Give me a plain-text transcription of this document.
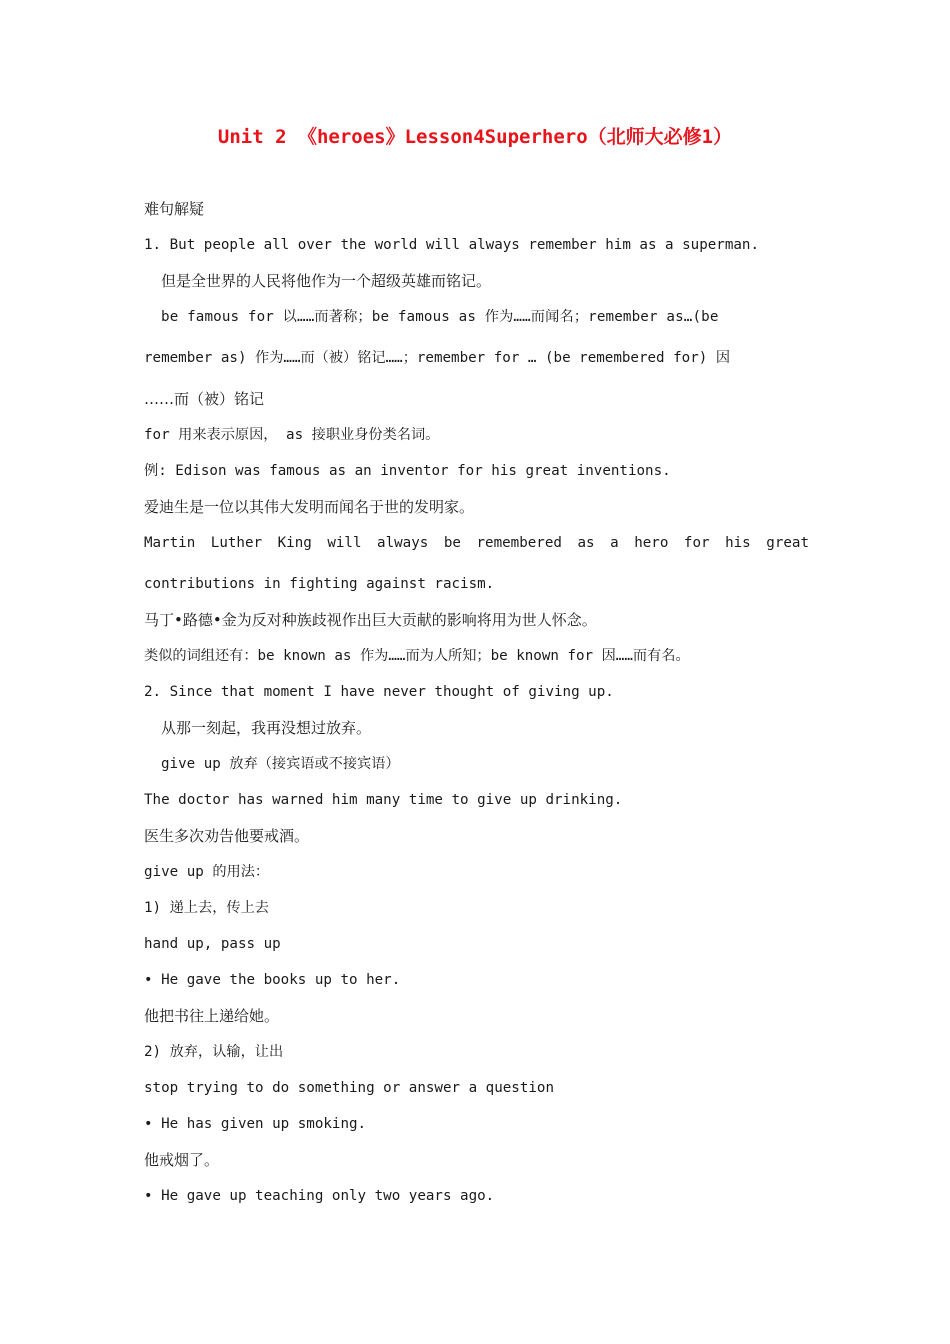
Unit 2 《heroes》Lesson4Superhero（北师大必修1）
难句解疑
1. But people all over the world will always remember him as a superman.
但是全世界的人民将他作为一个超级英雄而铭记。
be famous for 以……而著称；be famous as 作为……而闻名；remember as…(be
remember as) 作为……而（被）铭记……；remember for … (be remembered for) 因
……而（被）铭记
for 用来表示原因， as 接职业身份类名词。
例: Edison was famous as an inventor for his great inventions.
爱迪生是一位以其伟大发明而闻名于世的发明家。
Martin Luther King will always be remembered as a hero for his great
contributions in fighting against racism.
马丁•路德•金为反对种族歧视作出巨大贡献的影响将用为世人怀念。
类似的词组还有：be known as 作为……而为人所知；be known for 因……而有名。
2. Since that moment I have never thought of giving up.
从那一刻起，我再没想过放弃。
give up 放弃（接宾语或不接宾语）
The doctor has warned him many time to give up drinking.
医生多次劝告他要戒酒。
give up 的用法：
1) 递上去，传上去
hand up, pass up
• He gave the books up to her.
他把书往上递给她。
2) 放弃，认输，让出
stop trying to do something or answer a question
• He has given up smoking.
他戒烟了。
• He gave up teaching only two years ago.
